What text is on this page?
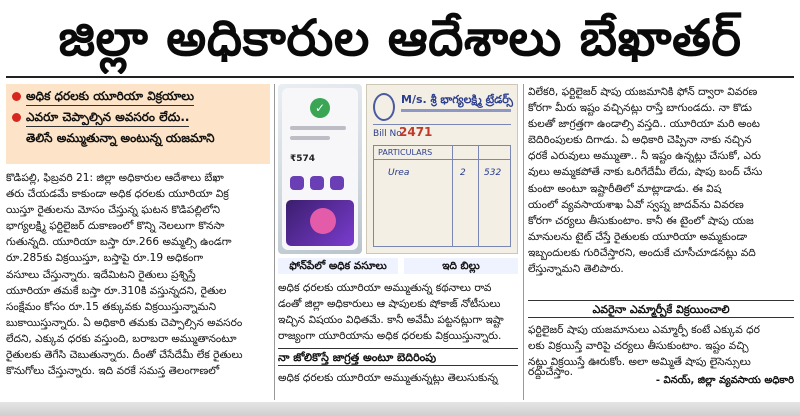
జిల్లా అధికారుల ఆదేశాలు బేఖాతర్
అధిక ధరలకు యూరియా విక్రయాలు
ఎవరూ చెప్పాల్సిన అవసరం లేదు..
తెలిసే అమ్ముతున్నా అంటున్న యజమాని
కొడిపల్లి, ఫిబ్రవరి 21: జిల్లా అధికారుల ఆదేశాలు బేఖా
తరు చేయడమే కాకుండా అధిక ధరలకు యూరియా విక్ర
యిస్తూ రైతులను మోసం చేస్తున్న ఘటన కొడిపల్లిలోని
భాగ్యలక్ష్మి ఫర్టిలైజర్ దుకాణంలో కొన్ని నెలలుగా కొనసా
గుతున్నది. యూరియా బస్తా రూ.266 అమ్మల్సి ఉండగా
రూ.285కు విక్రయిస్తూ, బస్తాపై రూ.19 అధికంగా
వసూలు చేస్తున్నారు. ఇదేమిటని రైతులు ప్రశ్నిస్తే
యూరియా తమకే బస్తా రూ.310కి వస్తున్నదని, రైతుల
సంక్షేమం కోసం రూ.15 తక్కువకు విక్రయిస్తున్నామని
బుకాయిస్తున్నారు. ఏ అధికారి తమకు చెప్పాల్సిన అవసరం
లేదని, ఎక్కువ ధరకు వస్తుంది, బరాబరా అమ్ముతానంటూ
రైతులకు తెగేసి చెబుతున్నారు. దీంతో చేసేదేమీ లేక రైతులు
కొనుగోలు చేస్తున్నారు. ఇది వరకే సమస్త తెలంగాణలో
✓
₹574
M/s. శ్రీ భాగ్యలక్ష్మి ట్రేడర్స్
Bill No.
2471
PARTICULARS
Urea	2 532
ఫోన్‌పేలో అధిక వసూలు	ఇది బిల్లు
అధిక ధరలకు యూరియా అమ్ముతున్న కథనాలు రావ
డంతో జిల్లా అధికారులు ఆ షాపులకు షోకాజ్ నోటీసులు
ఇచ్చిన విషయం విధితమే. కానీ అవేమీ పట్టనట్లుగా ఇష్టా
రాజ్యంగా యూరియాను అధిక ధరలకు విక్రయిస్తున్నారు.
నా జోలికొస్తే జాగ్రత్త అంటూ బెదిరింపు
అధిక ధరలకు యూరియా అమ్ముతున్నట్లు తెలుసుకున్న
విలేకరి, ఫర్టిలైజర్ షాపు యజమానికి ఫోన్ ద్వారా వివరణ
కోరగా మీరు ఇష్టం వచ్చినట్లు రాస్తే బాగుండదు. నా కొడు
కులతో జాగ్రత్తగా ఉండాల్సి వస్తది.. యూరియా మరి అంట
బెదిరింపులకు దిగాడు. ఏ అధికారి చెప్పినా నాకు నచ్చిన
ధరకే ఎరువులు అమ్ముతా.. నీ ఇష్టం ఉన్నట్లు చేసుకో, ఎరు
వులు అమ్మకపోతే నాకు ఒరిగేదేమీ లేదు, షాపు బంద్ చేసు
కుంటా అంటూ ఇష్టారీతిలో మాట్లాడాడు. ఈ విష
యంలో వ్యవసాయశాఖ ఏవో స్వప్న జాదవ్‌ను వివరణ
కోరగా చర్యలు తీసుకుంటాం. కానీ ఈ టైంలో షాపు యజ
మానులను టైట్ చేస్తే రైతులకు యూరియా అమ్మకుండా
ఇబ్బందులకు గురిచేస్తారని, అందుకే చూసీచూడనట్లు వది
లేస్తున్నామని తెలిపారు.
ఎవరైనా ఎమ్మార్పీకే విక్రయించాలి
ఫర్టిలైజర్ షాపు యజమానులు ఎమ్మార్పీ కంటే ఎక్కువ ధర
లకు విక్రయిస్తే వారిపై చర్యలు తీసుకుంటాం. ఇష్టం వచ్చి
నట్లు విక్రయిస్తే ఊరుకోం. అలా అమ్మితే షాపు లైసెన్సులు
రద్దుచేస్తాం.
- వినయ్, జిల్లా వ్యవసాయ అధికారి
